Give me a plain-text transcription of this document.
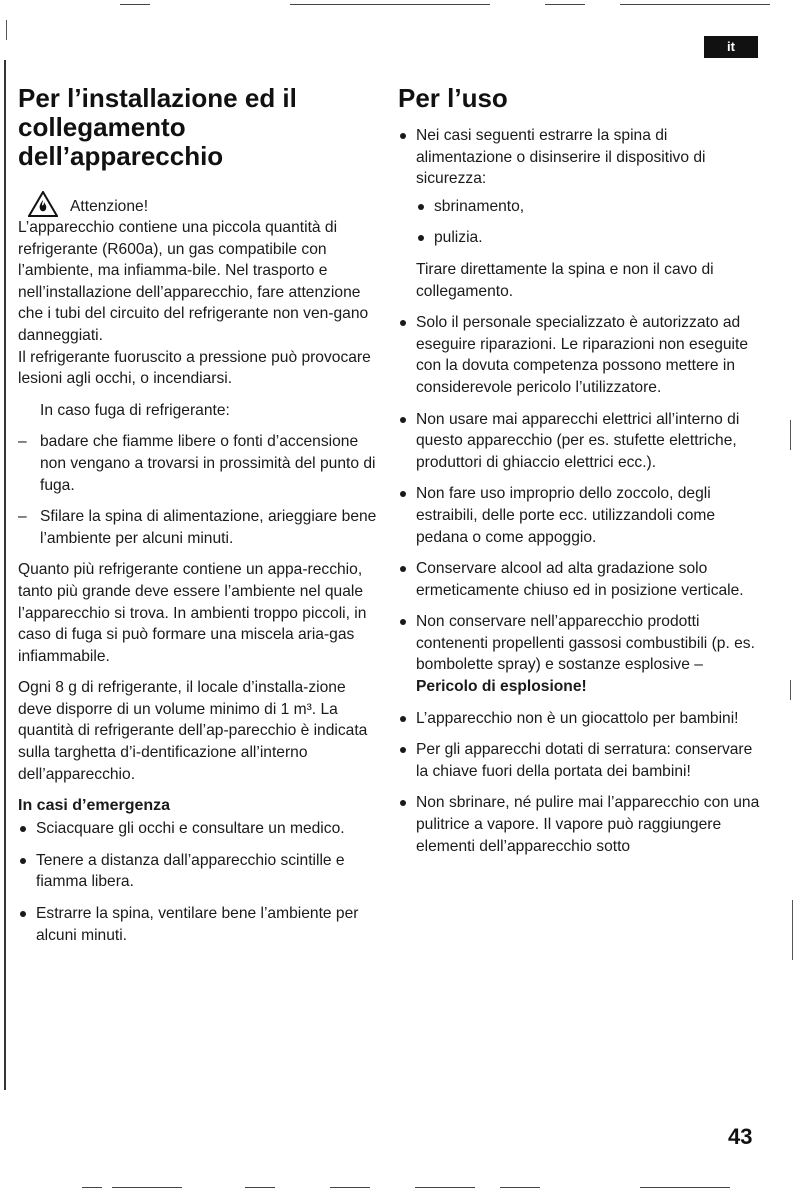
it
Per l’installazione ed il collegamento dell’apparecchio
Attenzione!

L’apparecchio contiene una piccola quantità di refrigerante (R600a), un gas compatibile con l’ambiente, ma infiamma-bile. Nel trasporto e nell’installazione dell’apparecchio, fare attenzione che i tubi del circuito del refrigerante non ven-gano danneggiati.

Il refrigerante fuoruscito a pressione può provocare lesioni agli occhi, o incendiarsi.

In caso fuga di refrigerante:

– badare che fiamme libere o fonti d’accensione non vengano a trovarsi in prossimità del punto di fuga.
– Sfilare la spina di alimentazione, arieggiare bene l’ambiente per alcuni minuti.

Quanto più refrigerante contiene un appa-recchio, tanto più grande deve essere l’ambiente nel quale l’apparecchio si trova. In ambienti troppo piccoli, in caso di fuga si può formare una miscela aria-gas infiammabile.

Ogni 8 g di refrigerante, il locale d’installa-zione deve disporre di un volume minimo di 1 m³. La quantità di refrigerante dell’ap-parecchio è indicata sulla targhetta d’i-dentificazione all’interno dell’apparecchio.

In casi d’emergenza
Sciacquare gli occhi e consultare un medico.
Tenere a distanza dall’apparecchio scintille e fiamma libera.
Estrarre la spina, ventilare bene l’ambiente per alcuni minuti.
Per l’uso

Nei casi seguenti estrarre la spina di alimentazione o disinserire il dispositivo di sicurezza:

sbrinamento,
pulizia.

Tirare direttamente la spina e non il cavo di collegamento.

Solo il personale specializzato è autorizzato ad eseguire riparazioni. Le riparazioni non eseguite con la dovuta competenza possono mettere in considerevole pericolo l’utilizzatore.
Non usare mai apparecchi elettrici all’interno di questo apparecchio (per es. stufette elettriche, produttori di ghiaccio elettrici ecc.).
Non fare uso improprio dello zoccolo, degli estraibili, delle porte ecc. utilizzandoli come pedana o come appoggio.
Conservare alcool ad alta gradazione solo ermeticamente chiuso ed in posizione verticale.
Non conservare nell’apparecchio prodotti contenenti propellenti gassosi combustibili (p. es. bombolette spray) e sostanze esplosive – Pericolo di esplosione!
L’apparecchio non è un giocattolo per bambini!
Per gli apparecchi dotati di serratura: conservare la chiave fuori della portata dei bambini!
Non sbrinare, né pulire mai l’apparecchio con una pulitrice a vapore. Il vapore può raggiungere elementi dell’apparecchio sotto
43
